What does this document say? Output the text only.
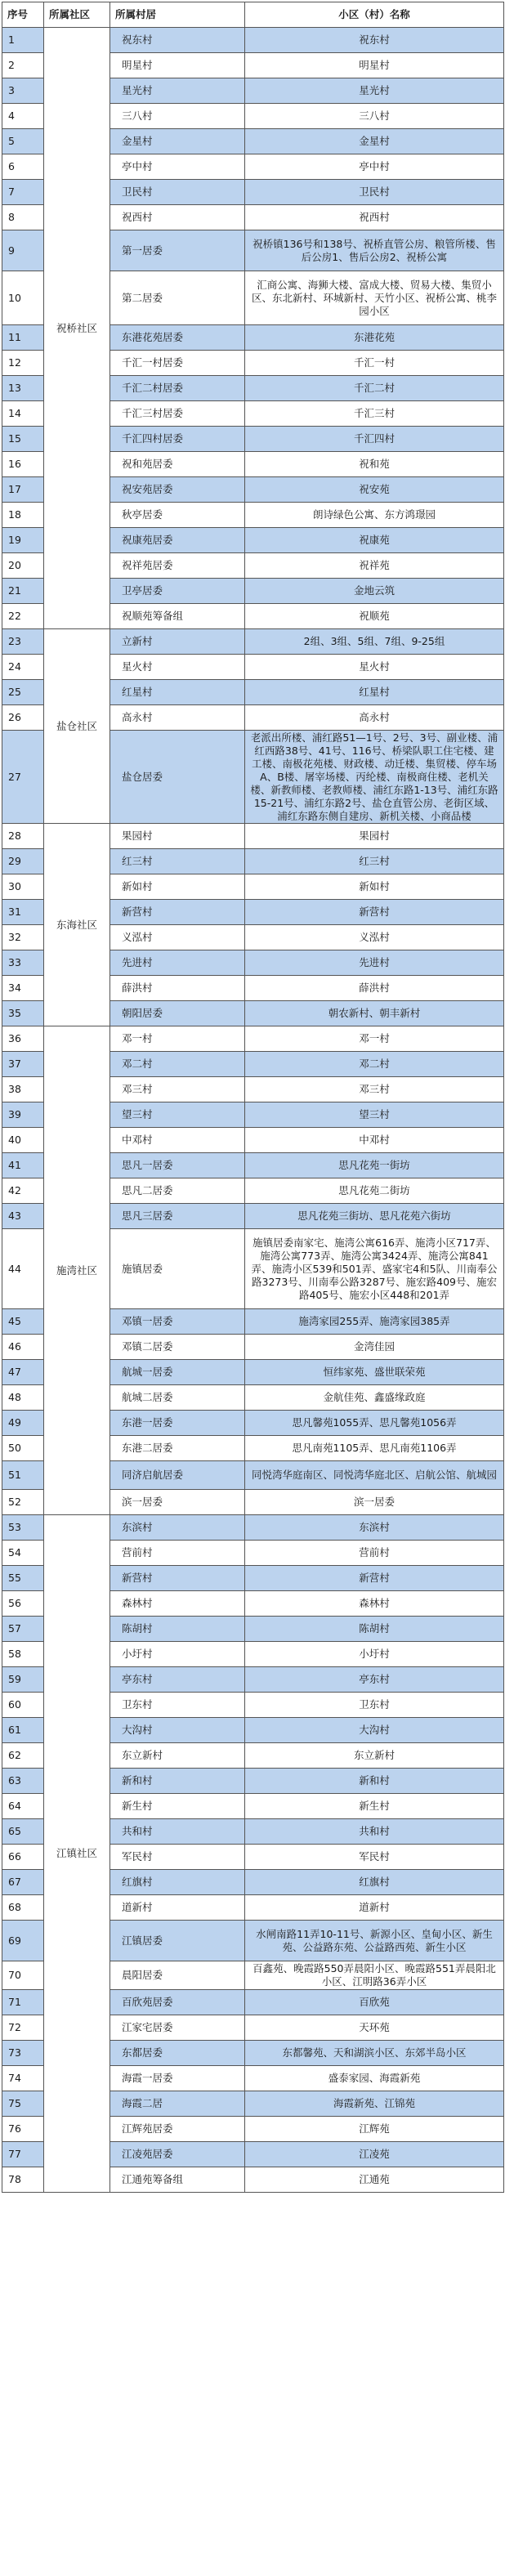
序号	所属社区	所属村居	小区（村）名称
1	祝桥社区	祝东村	祝东村
2		明星村	明星村
3		星光村	星光村
4		三八村	三八村
5		金星村	金星村
6		亭中村	亭中村
7		卫民村	卫民村
8		祝西村	祝西村
9		第一居委	祝桥镇136号和138号、祝桥直管公房、粮管所楼、售后公房1、售后公房2、祝桥公寓
10		第二居委	汇商公寓、海狮大楼、富成大楼、贸易大楼、集贸小区、东北新村、环城新村、天竹小区、祝桥公寓、桃李园小区
11		东港花苑居委	东港花苑
12		千汇一村居委	千汇一村
13		千汇二村居委	千汇二村
14		千汇三村居委	千汇三村
15		千汇四村居委	千汇四村
16		祝和苑居委	祝和苑
17		祝安苑居委	祝安苑
18		秋亭居委	朗诗绿色公寓、东方鸿璟园
19		祝康苑居委	祝康苑
20		祝祥苑居委	祝祥苑
21		卫亭居委	金地云筑
22		祝顺苑筹备组	祝顺苑
23	盐仓社区	立新村	2组、3组、5组、7组、9-25组
24		星火村	星火村
25		红星村	红星村
26		高永村	高永村
27		盐仓居委	老派出所楼、浦红路51—1号、2号、3号、副业楼、浦红西路38号、41号、116号、桥梁队职工住宅楼、建工楼、南极花苑楼、财政楼、动迁楼、集贸楼、停车场A、B楼、屠宰场楼、丙纶楼、南极商住楼、老机关楼、新教师楼、老教师楼、浦红东路1-13号、浦红东路15-21号、浦红东路2号、盐仓直管公房、老街区域、浦红东路东侧自建房、新机关楼、小商品楼
28	东海社区	果园村	果园村
29		红三村	红三村
30		新如村	新如村
31		新营村	新营村
32		义泓村	义泓村
33		先进村	先进村
34		薛洪村	薛洪村
35		朝阳居委	朝农新村、朝丰新村
36	施湾社区	邓一村	邓一村
37		邓二村	邓二村
38		邓三村	邓三村
39		望三村	望三村
40		中邓村	中邓村
41		思凡一居委	思凡花苑一街坊
42		思凡二居委	思凡花苑二街坊
43		思凡三居委	思凡花苑三街坊、思凡花苑六街坊
44		施镇居委	施镇居委南家宅、施湾公寓616弄、施湾小区717弄、施湾公寓773弄、施湾公寓3424弄、施湾公寓841弄、施湾小区539和501弄、盛家宅4和5队、川南奉公路3273号、川南奉公路3287号、施宏路409号、施宏路405号、施宏小区448和201弄
45		邓镇一居委	施湾家园255弄、施湾家园385弄
46		邓镇二居委	金湾佳园
47		航城一居委	恒纬家苑、盛世联荣苑
48		航城二居委	金航佳苑、鑫盛缘政庭
49		东港一居委	思凡馨苑1055弄、思凡馨苑1056弄
50		东港二居委	思凡南苑1105弄、思凡南苑1106弄
51		同济启航居委	同悦湾华庭南区、同悦湾华庭北区、启航公馆、航城园
52		滨一居委	滨一居委
53	江镇社区	东滨村	东滨村
54		营前村	营前村
55		新营村	新营村
56		森林村	森林村
57		陈胡村	陈胡村
58		小圩村	小圩村
59		亭东村	亭东村
60		卫东村	卫东村
61		大沟村	大沟村
62		东立新村	东立新村
63		新和村	新和村
64		新生村	新生村
65		共和村	共和村
66		军民村	军民村
67		红旗村	红旗村
68		道新村	道新村
69		江镇居委	水闸南路11弄10-11号、新源小区、皇甸小区、新生苑、公益路东苑、公益路西苑、新生小区
70		晨阳居委	百鑫苑、晚霞路550弄晨阳小区、晚霞路551弄晨阳北小区、江明路36弄小区
71		百欣苑居委	百欣苑
72		江家宅居委	天环苑
73		东都居委	东都馨苑、天和湖滨小区、东郊半岛小区
74		海霞一居委	盛泰家园、海霞新苑
75		海霞二居	海霞新苑、江锦苑
76		江辉苑居委	江辉苑
77		江凌苑居委	江凌苑
78		江通苑筹备组	江通苑
